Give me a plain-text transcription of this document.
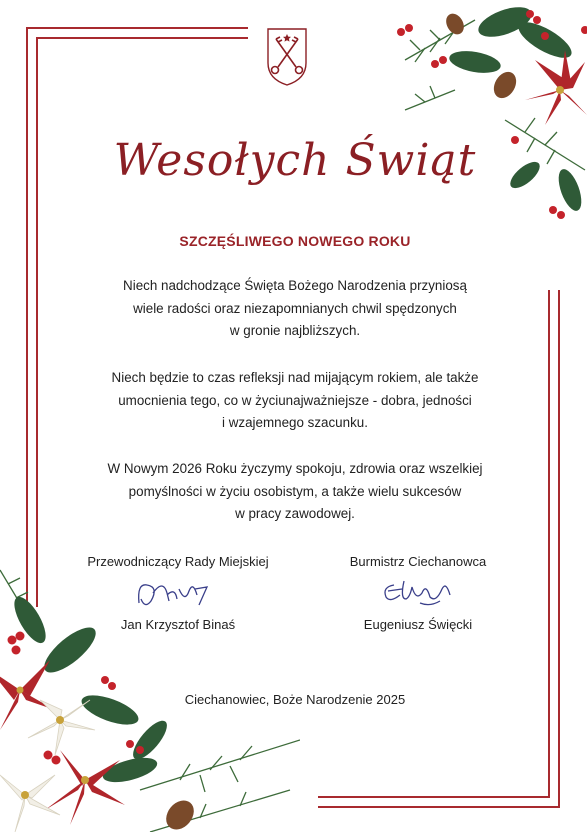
Wesołych Świąt
SZCZĘŚLIWEGO NOWEGO ROKU
Niech nadchodzące Święta Bożego Narodzenia przyniosą
wiele radości oraz niezapomnianych chwil spędzonych
w gronie najbliższych.
Niech będzie to czas refleksji nad mijającym rokiem, ale także
umocnienia tego, co w życiunajważniejsze - dobra, jedności
i wzajemnego szacunku.
W Nowym 2026 Roku życzymy spokoju, zdrowia oraz wszelkiej
pomyślności w życiu osobistym, a także wielu sukcesów
w pracy zawodowej.
Przewodniczący Rady Miejskiej
Jan Krzysztof Binaś
Burmistrz Ciechanowca
Eugeniusz Święcki
Ciechanowiec, Boże Narodzenie 2025
